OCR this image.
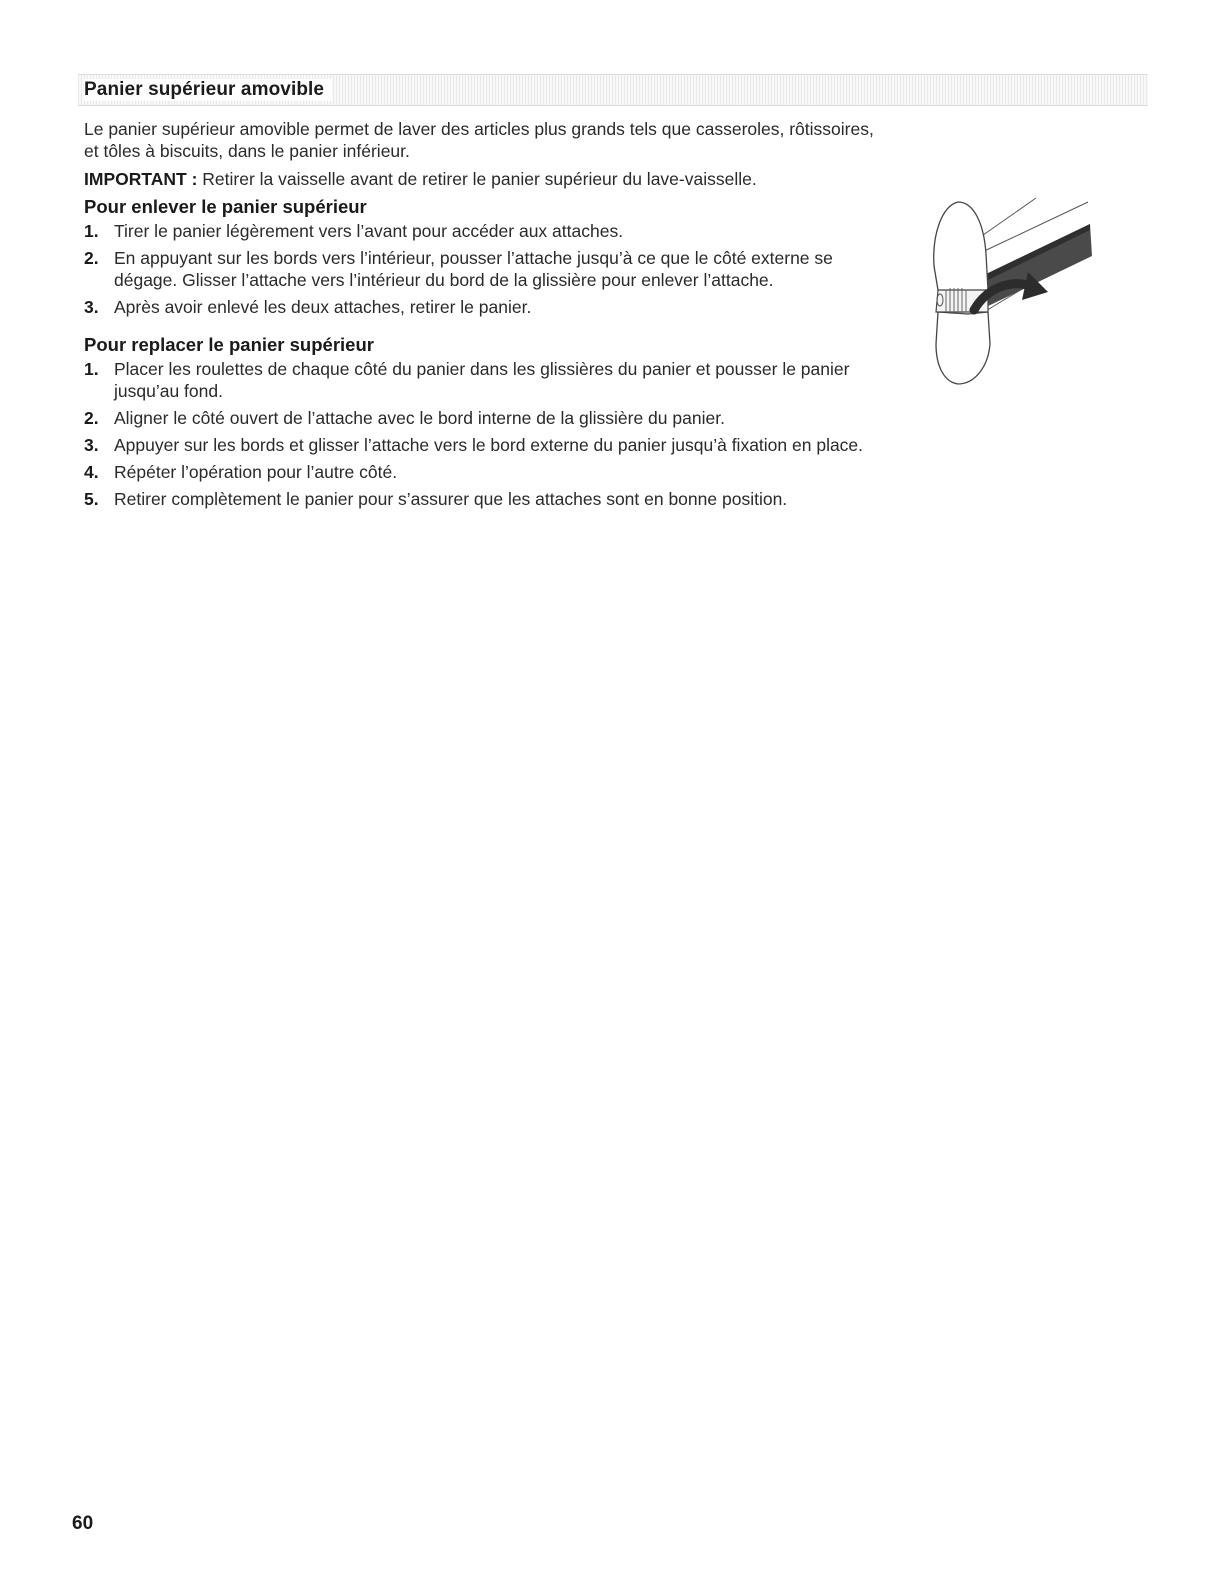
Panier supérieur amovible

Le panier supérieur amovible permet de laver des articles plus grands tels que casseroles, rôtissoires, et tôles à biscuits, dans le panier inférieur.

IMPORTANT : Retirer la vaisselle avant de retirer le panier supérieur du lave-vaisselle.

Pour enlever le panier supérieur
1. Tirer le panier légèrement vers l’avant pour accéder aux attaches.
2. En appuyant sur les bords vers l’intérieur, pousser l’attache jusqu’à ce que le côté externe se dégage. Glisser l’attache vers l’intérieur du bord de la glissière pour enlever l’attache.
3. Après avoir enlevé les deux attaches, retirer le panier.
Pour replacer le panier supérieur
1. Placer les roulettes de chaque côté du panier dans les glissières du panier et pousser le panier jusqu’au fond.
2. Aligner le côté ouvert de l’attache avec le bord interne de la glissière du panier.
3. Appuyer sur les bords et glisser l’attache vers le bord externe du panier jusqu’à fixation en place.
4. Répéter l’opération pour l’autre côté.
5. Retirer complètement le panier pour s’assurer que les attaches sont en bonne position.
60
